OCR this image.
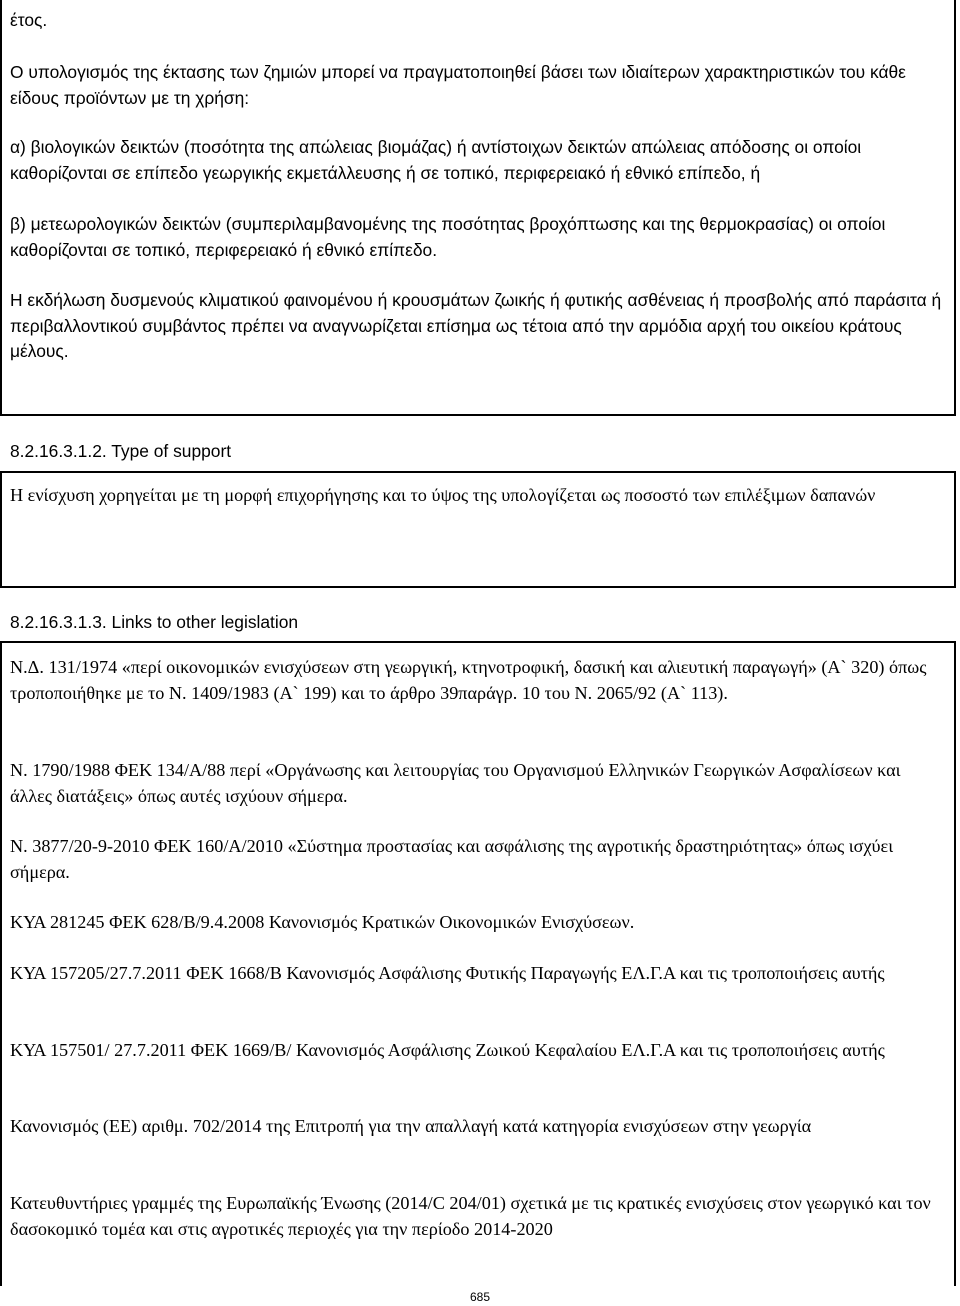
έτος.

Ο υπολογισμός της έκτασης των ζημιών μπορεί να πραγματοποιηθεί βάσει των ιδιαίτερων χαρακτηριστικών του κάθε είδους προϊόντων με τη χρήση:

α) βιολογικών δεικτών (ποσότητα της απώλειας βιομάζας) ή αντίστοιχων δεικτών απώλειας απόδοσης οι οποίοι καθορίζονται σε επίπεδο γεωργικής εκμετάλλευσης ή σε τοπικό, περιφερειακό ή εθνικό επίπεδο, ή

β) μετεωρολογικών δεικτών (συμπεριλαμβανομένης της ποσότητας βροχόπτωσης και της θερμοκρασίας) οι οποίοι καθορίζονται σε τοπικό, περιφερειακό ή εθνικό επίπεδο.

Η εκδήλωση δυσμενούς κλιματικού φαινομένου ή κρουσμάτων ζωικής ή φυτικής ασθένειας ή προσβολής από παράσιτα ή περιβαλλοντικού συμβάντος πρέπει να αναγνωρίζεται επίσημα ως τέτοια από την αρμόδια αρχή του οικείου κράτους μέλους.

8.2.16.3.1.2. Type of support

Η ενίσχυση χορηγείται με τη μορφή επιχορήγησης και το ύψος της υπολογίζεται ως ποσοστό των επιλέξιμων δαπανών

8.2.16.3.1.3. Links to other legislation

Ν.Δ. 131/1974 «περί οικονομικών ενισχύσεων στη γεωργική, κτηνοτροφική, δασική και αλιευτική παραγωγή» (Α` 320) όπως τροποποιήθηκε με το Ν. 1409/1983 (Α` 199) και το άρθρο 39παράγρ. 10 του Ν. 2065/92 (Α` 113).

Ν. 1790/1988 ΦΕΚ 134/Α/88 περί «Οργάνωσης και λειτουργίας του Οργανισμού Ελληνικών Γεωργικών Ασφαλίσεων και άλλες διατάξεις» όπως αυτές ισχύουν σήμερα.

Ν. 3877/20-9-2010 ΦΕΚ 160/Α/2010 «Σύστημα προστασίας και ασφάλισης της αγροτικής δραστηριότητας» όπως ισχύει σήμερα.

ΚΥΑ 281245 ΦΕΚ 628/Β/9.4.2008 Κανονισμός Κρατικών Οικονομικών Ενισχύσεων.

ΚΥΑ 157205/27.7.2011 ΦΕΚ 1668/Β Κανονισμός Ασφάλισης Φυτικής Παραγωγής ΕΛ.Γ.Α και τις τροποποιήσεις αυτής

ΚΥΑ 157501/ 27.7.2011 ΦΕΚ 1669/Β/ Κανονισμός Ασφάλισης Ζωικού Κεφαλαίου ΕΛ.Γ.Α και τις τροποποιήσεις αυτής

Κανονισμός (ΕΕ) αριθμ. 702/2014 της Επιτροπή για την απαλλαγή κατά κατηγορία ενισχύσεων στην γεωργία

Κατευθυντήριες γραμμές της Ευρωπαϊκής Ένωσης (2014/C 204/01) σχετικά με τις κρατικές ενισχύσεις στον γεωργικό και τον δασοκομικό τομέα και στις αγροτικές περιοχές για την περίοδο 2014-2020

685
